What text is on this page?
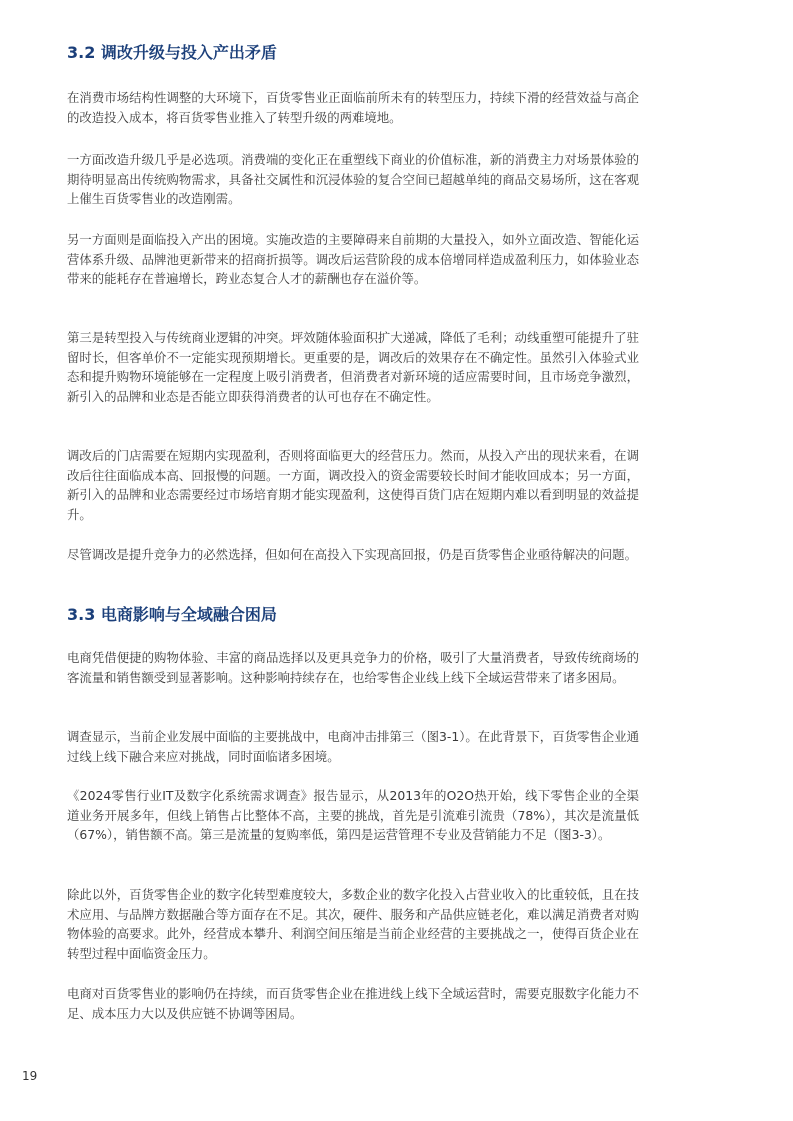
3.2 调改升级与投入产出矛盾

在消费市场结构性调整的大环境下，百货零售业正面临前所未有的转型压力，持续下滑的经营效益与高企的改造投入成本，将百货零售业推入了转型升级的两难境地。

一方面改造升级几乎是必选项。消费端的变化正在重塑线下商业的价值标准，新的消费主力对场景体验的期待明显高出传统购物需求，具备社交属性和沉浸体验的复合空间已超越单纯的商品交易场所，这在客观上催生百货零售业的改造刚需。

另一方面则是面临投入产出的困境。实施改造的主要障碍来自前期的大量投入，如外立面改造、智能化运营体系升级、品牌池更新带来的招商折损等。调改后运营阶段的成本倍增同样造成盈利压力，如体验业态带来的能耗存在普遍增长，跨业态复合人才的薪酬也存在溢价等。

第三是转型投入与传统商业逻辑的冲突。坪效随体验面积扩大递减，降低了毛利；动线重塑可能提升了驻留时长，但客单价不一定能实现预期增长。更重要的是，调改后的效果存在不确定性。虽然引入体验式业态和提升购物环境能够在一定程度上吸引消费者，但消费者对新环境的适应需要时间，且市场竞争激烈，新引入的品牌和业态是否能立即获得消费者的认可也存在不确定性。

调改后的门店需要在短期内实现盈利，否则将面临更大的经营压力。然而，从投入产出的现状来看，在调改后往往面临成本高、回报慢的问题。一方面，调改投入的资金需要较长时间才能收回成本；另一方面，新引入的品牌和业态需要经过市场培育期才能实现盈利，这使得百货门店在短期内难以看到明显的效益提升。

尽管调改是提升竞争力的必然选择，但如何在高投入下实现高回报，仍是百货零售企业亟待解决的问题。

3.3 电商影响与全域融合困局

电商凭借便捷的购物体验、丰富的商品选择以及更具竞争力的价格，吸引了大量消费者，导致传统商场的客流量和销售额受到显著影响。这种影响持续存在，也给零售企业线上线下全域运营带来了诸多困局。

调查显示，当前企业发展中面临的主要挑战中，电商冲击排第三（图3-1）。在此背景下，百货零售企业通过线上线下融合来应对挑战，同时面临诸多困境。

《2024零售行业IT及数字化系统需求调查》报告显示，从2013年的O2O热开始，线下零售企业的全渠道业务开展多年，但线上销售占比整体不高，主要的挑战，首先是引流难引流贵（78%），其次是流量低（67%），销售额不高。第三是流量的复购率低，第四是运营管理不专业及营销能力不足（图3-3）。

除此以外，百货零售企业的数字化转型难度较大，多数企业的数字化投入占营业收入的比重较低，且在技术应用、与品牌方数据融合等方面存在不足。其次，硬件、服务和产品供应链老化，难以满足消费者对购物体验的高要求。此外，经营成本攀升、利润空间压缩是当前企业经营的主要挑战之一，使得百货企业在转型过程中面临资金压力。

电商对百货零售业的影响仍在持续，而百货零售企业在推进线上线下全域运营时，需要克服数字化能力不足、成本压力大以及供应链不协调等困局。

19
